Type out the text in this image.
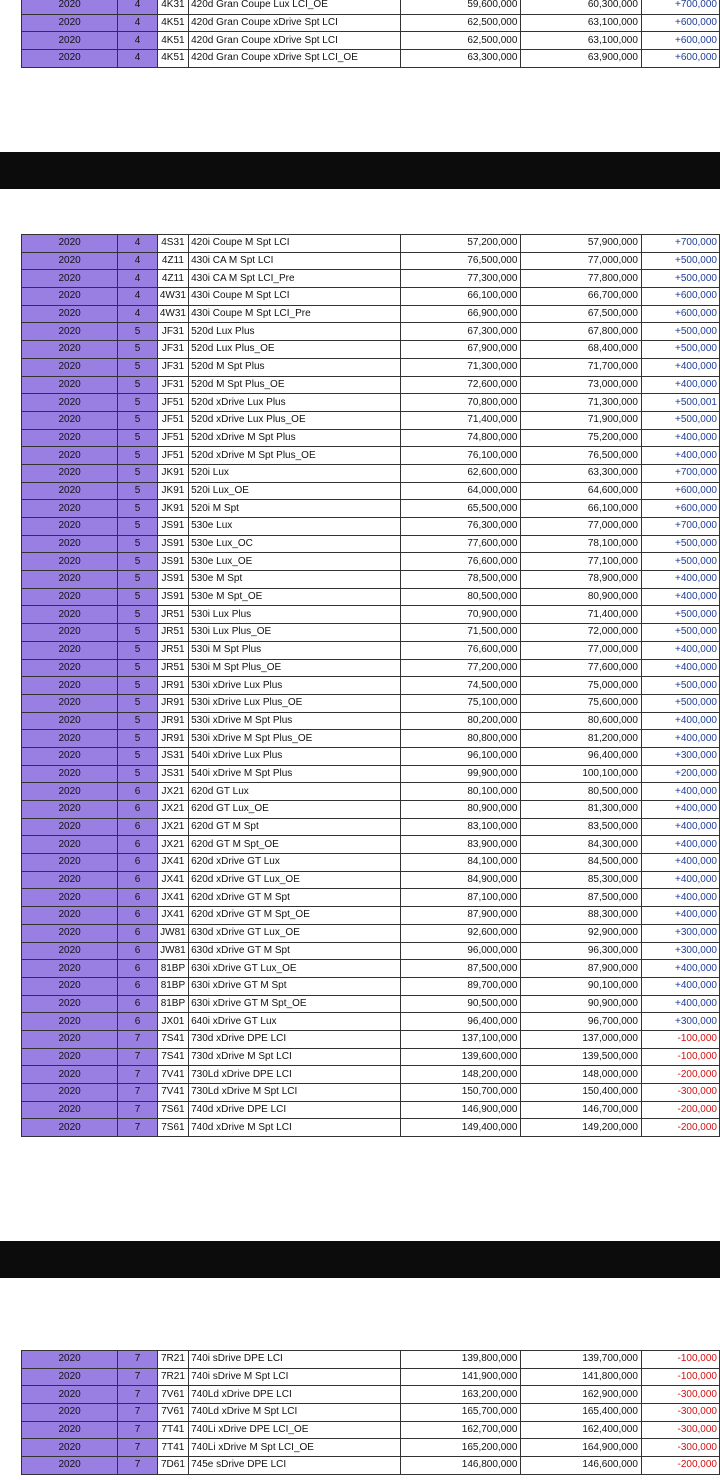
2020	4	4K31	420d Gran Coupe Lux LCI_OE	59,600,000	60,300,000	+700,000
2020	4	4K51	420d Gran Coupe xDrive Spt LCI	62,500,000	63,100,000	+600,000
2020	4	4K51	420d Gran Coupe xDrive Spt LCI	62,500,000	63,100,000	+600,000
2020	4	4K51	420d Gran Coupe xDrive Spt LCI_OE	63,300,000	63,900,000	+600,000
2020	4	4S31	420i Coupe M Spt LCI	57,200,000	57,900,000	+700,000
2020	4	4Z11	430i CA M Spt LCI	76,500,000	77,000,000	+500,000
2020	4	4Z11	430i CA M Spt LCI_Pre	77,300,000	77,800,000	+500,000
2020	4	4W31	430i Coupe M Spt LCI	66,100,000	66,700,000	+600,000
2020	4	4W31	430i Coupe M Spt LCI_Pre	66,900,000	67,500,000	+600,000
2020	5	JF31	520d Lux Plus	67,300,000	67,800,000	+500,000
2020	5	JF31	520d Lux Plus_OE	67,900,000	68,400,000	+500,000
2020	5	JF31	520d M Spt Plus	71,300,000	71,700,000	+400,000
2020	5	JF31	520d M Spt Plus_OE	72,600,000	73,000,000	+400,000
2020	5	JF51	520d xDrive Lux Plus	70,800,000	71,300,000	+500,001
2020	5	JF51	520d xDrive Lux Plus_OE	71,400,000	71,900,000	+500,000
2020	5	JF51	520d xDrive M Spt Plus	74,800,000	75,200,000	+400,000
2020	5	JF51	520d xDrive M Spt Plus_OE	76,100,000	76,500,000	+400,000
2020	5	JK91	520i Lux	62,600,000	63,300,000	+700,000
2020	5	JK91	520i Lux_OE	64,000,000	64,600,000	+600,000
2020	5	JK91	520i M Spt	65,500,000	66,100,000	+600,000
2020	5	JS91	530e Lux	76,300,000	77,000,000	+700,000
2020	5	JS91	530e Lux_OC	77,600,000	78,100,000	+500,000
2020	5	JS91	530e Lux_OE	76,600,000	77,100,000	+500,000
2020	5	JS91	530e M Spt	78,500,000	78,900,000	+400,000
2020	5	JS91	530e M Spt_OE	80,500,000	80,900,000	+400,000
2020	5	JR51	530i Lux Plus	70,900,000	71,400,000	+500,000
2020	5	JR51	530i Lux Plus_OE	71,500,000	72,000,000	+500,000
2020	5	JR51	530i M Spt Plus	76,600,000	77,000,000	+400,000
2020	5	JR51	530i M Spt Plus_OE	77,200,000	77,600,000	+400,000
2020	5	JR91	530i xDrive Lux Plus	74,500,000	75,000,000	+500,000
2020	5	JR91	530i xDrive Lux Plus_OE	75,100,000	75,600,000	+500,000
2020	5	JR91	530i xDrive M Spt Plus	80,200,000	80,600,000	+400,000
2020	5	JR91	530i xDrive M Spt Plus_OE	80,800,000	81,200,000	+400,000
2020	5	JS31	540i xDrive Lux Plus	96,100,000	96,400,000	+300,000
2020	5	JS31	540i xDrive M Spt Plus	99,900,000	100,100,000	+200,000
2020	6	JX21	620d GT Lux	80,100,000	80,500,000	+400,000
2020	6	JX21	620d GT Lux_OE	80,900,000	81,300,000	+400,000
2020	6	JX21	620d GT M Spt	83,100,000	83,500,000	+400,000
2020	6	JX21	620d GT M Spt_OE	83,900,000	84,300,000	+400,000
2020	6	JX41	620d xDrive GT Lux	84,100,000	84,500,000	+400,000
2020	6	JX41	620d xDrive GT Lux_OE	84,900,000	85,300,000	+400,000
2020	6	JX41	620d xDrive GT M Spt	87,100,000	87,500,000	+400,000
2020	6	JX41	620d xDrive GT M Spt_OE	87,900,000	88,300,000	+400,000
2020	6	JW81	630d xDrive GT Lux_OE	92,600,000	92,900,000	+300,000
2020	6	JW81	630d xDrive GT M Spt	96,000,000	96,300,000	+300,000
2020	6	81BP	630i xDrive GT Lux_OE	87,500,000	87,900,000	+400,000
2020	6	81BP	630i xDrive GT M Spt	89,700,000	90,100,000	+400,000
2020	6	81BP	630i xDrive GT M Spt_OE	90,500,000	90,900,000	+400,000
2020	6	JX01	640i xDrive GT Lux	96,400,000	96,700,000	+300,000
2020	7	7S41	730d xDrive DPE LCI	137,100,000	137,000,000	-100,000
2020	7	7S41	730d xDrive M Spt LCI	139,600,000	139,500,000	-100,000
2020	7	7V41	730Ld xDrive DPE LCI	148,200,000	148,000,000	-200,000
2020	7	7V41	730Ld xDrive M Spt LCI	150,700,000	150,400,000	-300,000
2020	7	7S61	740d xDrive DPE LCI	146,900,000	146,700,000	-200,000
2020	7	7S61	740d xDrive M Spt LCI	149,400,000	149,200,000	-200,000
2020	7	7R21	740i sDrive DPE LCI	139,800,000	139,700,000	-100,000
2020	7	7R21	740i sDrive M Spt LCI	141,900,000	141,800,000	-100,000
2020	7	7V61	740Ld xDrive DPE LCI	163,200,000	162,900,000	-300,000
2020	7	7V61	740Ld xDrive M Spt LCI	165,700,000	165,400,000	-300,000
2020	7	7T41	740Li xDrive DPE LCI_OE	162,700,000	162,400,000	-300,000
2020	7	7T41	740Li xDrive M Spt LCI_OE	165,200,000	164,900,000	-300,000
2020	7	7D61	745e sDrive DPE LCI	146,800,000	146,600,000	-200,000
